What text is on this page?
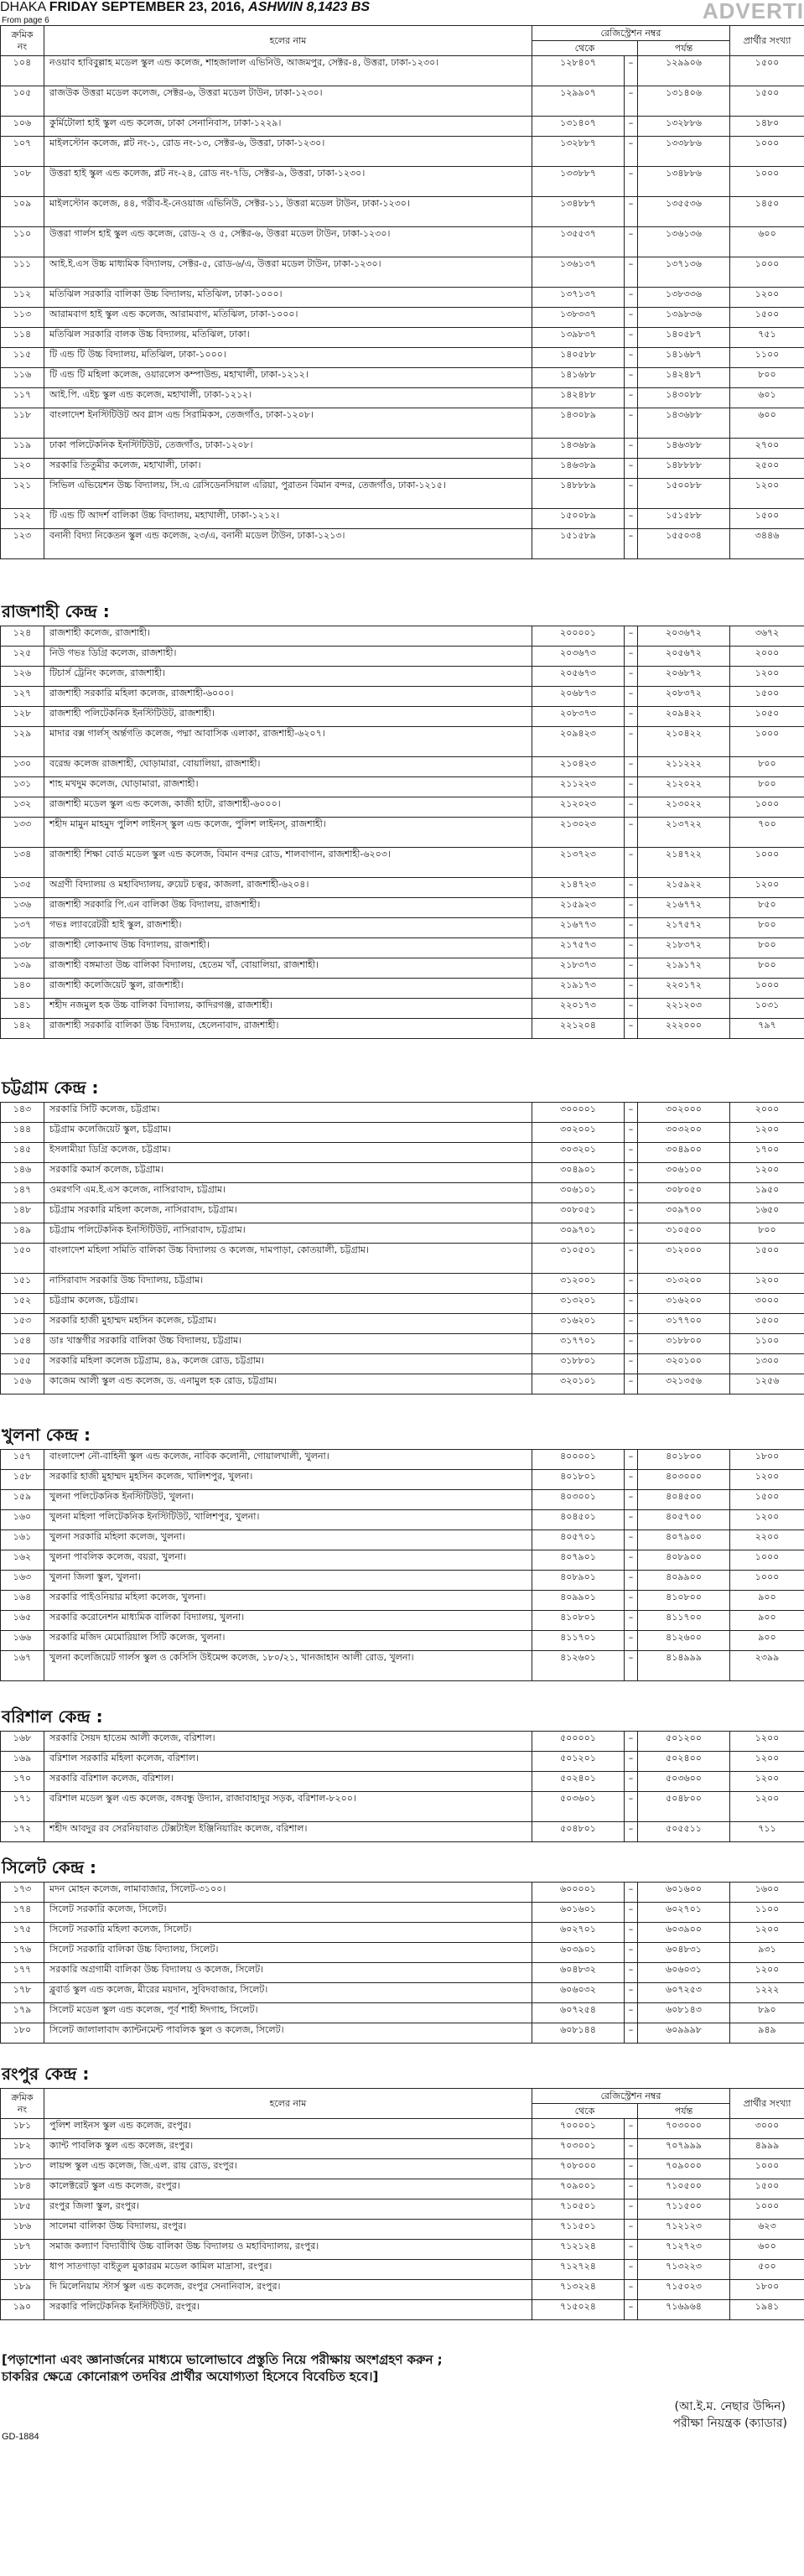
DHAKA FRIDAY SEPTEMBER 23, 2016, ASHWIN 8,1423 BS	ADVERTI
From page 6
ক্রমিক নং	হলের নাম	রেজিস্ট্রেশন নম্বর			প্রার্থীর সংখ্যা
		থেকে		পর্যন্ত	
১০৪	নওয়াব হাবিবুল্লাহ মডেল স্কুল এন্ড কলেজ, শাহজালাল এভিনিউ, আজমপুর, সেক্টর-৪, উত্তরা, ঢাকা-১২৩০।	১২৮৪০৭	–	১২৯৯০৬	১৫০০
১০৫	রাজউক উত্তরা মডেল কলেজ, সেক্টর-৬, উত্তরা মডেল টাউন, ঢাকা-১২৩০।	১২৯৯০৭	–	১৩১৪০৬	১৫০০
১০৬	কুর্মিটোলা হাই স্কুল এন্ড কলেজ, ঢাকা সেনানিবাস, ঢাকা-১২২৯।	১৩১৪০৭	–	১৩২৮৮৬	১৪৮০
১০৭	মাইলস্টোন কলেজ, প্লট নং-১, রোড নং-১৩, সেক্টর-৬, উত্তরা, ঢাকা-১২৩০।	১৩২৮৮৭	–	১৩৩৮৮৬	১০০০
১০৮	উত্তরা হাই স্কুল এন্ড কলেজ, প্লট নং-২৪, রোড নং-৭ডি, সেক্টর-৯, উত্তরা, ঢাকা-১২৩০।	১৩৩৮৮৭	–	১৩৪৮৮৬	১০০০
১০৯	মাইলস্টোন কলেজ, ৪৪, গরীব-ই-নেওয়াজ এভিনিউ, সেক্টর-১১, উত্তরা মডেল টাউন, ঢাকা-১২৩০।	১৩৪৮৮৭	–	১৩৫৫৩৬	১৪৫০
১১০	উত্তরা গার্লস হাই স্কুল এন্ড কলেজ, রোড-২ ও ৫, সেক্টর-৬, উত্তরা মডেল টাউন, ঢাকা-১২৩০।	১৩৫৫৩৭	–	১৩৬১৩৬	৬০০
১১১	আই.ই.এস উচ্চ মাধ্যমিক বিদ্যালয়, সেক্টর-৫, রোড-৬/এ, উত্তরা মডেল টাউন, ঢাকা-১২৩০।	১৩৬১৩৭	–	১৩৭১৩৬	১০০০
১১২	মতিঝিল সরকারি বালিকা উচ্চ বিদ্যালয়, মতিঝিল, ঢাকা-১০০০।	১৩৭১৩৭	–	১৩৮৩৩৬	১২০০
১১৩	আরামবাগ হাই স্কুল এন্ড কলেজ, আরামবাগ, মতিঝিল, ঢাকা-১০০০।	১৩৮৩৩৭	–	১৩৯৮৩৬	১৫০০
১১৪	মতিঝিল সরকারি বালক উচ্চ বিদ্যালয়, মতিঝিল, ঢাকা।	১৩৯৮৩৭	–	১৪০৫৮৭	৭৫১
১১৫	টি এন্ড টি উচ্চ বিদ্যালয়, মতিঝিল, ঢাকা-১০০০।	১৪০৫৮৮	–	১৪১৬৮৭	১১০০
১১৬	টি এন্ড টি মহিলা কলেজ, ওয়ারলেস কম্পাউন্ড, মহাখালী, ঢাকা-১২১২।	১৪১৬৮৮	–	১৪২৪৮৭	৮০০
১১৭	আই.পি. এইচ স্কুল এন্ড কলেজ, মহাখালী, ঢাকা-১২১২।	১৪২৪৮৮	–	১৪৩০৮৮	৬০১
১১৮	বাংলাদেশ ইনস্টিটিউট অব গ্লাস এন্ড সিরামিকস, তেজগাঁও, ঢাকা-১২০৮।	১৪৩০৮৯	–	১৪৩৬৮৮	৬০০
১১৯	ঢাকা পলিটেকনিক ইনস্টিটিউট, তেজগাঁও, ঢাকা-১২০৮।	১৪৩৬৮৯	–	১৪৬৩৮৮	২৭০০
১২০	সরকারি তিতুমীর কলেজ, মহাখালী, ঢাকা।	১৪৬৩৮৯	–	১৪৮৮৮৮	২৫০০
১২১	সিভিল এভিয়েশন উচ্চ বিদ্যালয়, সি.এ রেসিডেনসিয়াল এরিয়া, পুরাতন বিমান বন্দর, তেজগাঁও, ঢাকা-১২১৫।	১৪৮৮৮৯	–	১৫০০৮৮	১২০০
১২২	টি এন্ড টি আদর্শ বালিকা উচ্চ বিদ্যালয়, মহাখালী, ঢাকা-১২১২।	১৫০০৮৯	–	১৫১৫৮৮	১৫০০
১২৩	বনানী বিদ্যা নিকেতন স্কুল এন্ড কলেজ, ২৩/এ, বনানী মডেল টাউন, ঢাকা-১২১৩।	১৫১৫৮৯	–	১৫৫০৩৪	৩৪৪৬
রাজশাহী কেন্দ্র :
১২৪	রাজশাহী কলেজ, রাজশাহী।	২০০০০১	–	২০৩৬৭২	৩৬৭২
১২৫	নিউ গভঃ ডিগ্রি কলেজ, রাজশাহী।	২০৩৬৭৩	–	২০৫৬৭২	২০০০
১২৬	টিচার্স ট্রেনিং কলেজ, রাজশাহী।	২০৫৬৭৩	–	২০৬৮৭২	১২০০
১২৭	রাজশাহী সরকারি মহিলা কলেজ, রাজশাহী-৬০০০।	২০৬৮৭৩	–	২০৮৩৭২	১৫০০
১২৮	রাজশাহী পলিটেকনিক ইনস্টিটিউট, রাজশাহী।	২০৮৩৭৩	–	২০৯৪২২	১০৫০
১২৯	মাদার বক্স গার্লস্ অর্ন্তগতি কলেজ, পদ্মা আবাসিক এলাকা, রাজশাহী-৬২০৭।	২০৯৪২৩	–	২১০৪২২	১০০০
১৩০	বরেন্দ্র কলেজ রাজশাহী, ঘোড়ামারা, বোয়ালিয়া, রাজশাহী।	২১০৪২৩	–	২১১২২২	৮০০
১৩১	শাহ মখদুম কলেজ, ঘোড়ামারা, রাজশাহী।	২১১২২৩	–	২১২০২২	৮০০
১৩২	রাজশাহী মডেল স্কুল এন্ড কলেজ, কাজী হাটা, রাজশাহী-৬০০০।	২১২০২৩	–	২১৩০২২	১০০০
১৩৩	শহীদ মামুন মাহমুদ পুলিশ লাইনস্ স্কুল এন্ড কলেজ, পুলিশ লাইনস্, রাজশাহী।	২১৩০২৩	–	২১৩৭২২	৭০০
১৩৪	রাজশাহী শিক্ষা বোর্ড মডেল স্কুল এন্ড কলেজ, বিমান বন্দর রোড, শালবাগান, রাজশাহী-৬২০৩।	২১৩৭২৩	–	২১৪৭২২	১০০০
১৩৫	অগ্রণী বিদ্যালয় ও মহাবিদ্যালয়, রুয়েট চত্বর, কাজলা, রাজশাহী-৬২০৪।	২১৪৭২৩	–	২১৫৯২২	১২০০
১৩৬	রাজশাহী সরকারি পি.এন বালিকা উচ্চ বিদ্যালয়, রাজশাহী।	২১৫৯২৩	–	২১৬৭৭২	৮৫০
১৩৭	গভঃ ল্যাবরেটরী হাই স্কুল, রাজশাহী।	২১৬৭৭৩	–	২১৭৫৭২	৮০০
১৩৮	রাজশাহী লোকনাথ উচ্চ বিদ্যালয়, রাজশাহী।	২১৭৫৭৩	–	২১৮৩৭২	৮০০
১৩৯	রাজশাহী বঙ্গমাতা উচ্চ বালিকা বিদ্যালয়, হেতেম খাঁ, বোয়ালিয়া, রাজশাহী।	২১৮৩৭৩	–	২১৯১৭২	৮০০
১৪০	রাজশাহী কলেজিয়েট স্কুল, রাজশাহী।	২১৯১৭৩	–	২২০১৭২	১০০০
১৪১	শহীদ নজমুল হক উচ্চ বালিকা বিদ্যালয়, কাদিরগঞ্জ, রাজশাহী।	২২০১৭৩	–	২২১২০৩	১০৩১
১৪২	রাজশাহী সরকারি বালিকা উচ্চ বিদ্যালয়, হেলেনাবাদ, রাজশাহী।	২২১২০৪	–	২২২০০০	৭৯৭
চট্টগ্রাম কেন্দ্র :
১৪৩	সরকারি সিটি কলেজ, চট্টগ্রাম।	৩০০০০১	–	৩০২০০০	২০০০
১৪৪	চট্টগ্রাম কলেজিয়েট স্কুল, চট্টগ্রাম।	৩০২০০১	–	৩০৩২০০	১২০০
১৪৫	ইসলামীয়া ডিগ্রি কলেজ, চট্টগ্রাম।	৩০৩২০১	–	৩০৪৯০০	১৭০০
১৪৬	সরকারি কমার্স কলেজ, চট্টগ্রাম।	৩০৪৯০১	–	৩০৬১০০	১২০০
১৪৭	ওমরগণি এম.ই.এস কলেজ, নাসিরাবাদ, চট্টগ্রাম।	৩০৬১০১	–	৩০৮০৫০	১৯৫০
১৪৮	চট্টগ্রাম সরকারি মহিলা কলেজ, নাসিরাবাদ, চট্টগ্রাম।	৩০৮০৫১	–	৩০৯৭০০	১৬৫০
১৪৯	চট্টগ্রাম পলিটেকনিক ইনস্টিটিউট, নাসিরাবাদ, চট্টগ্রাম।	৩০৯৭০১	–	৩১০৫০০	৮০০
১৫০	বাংলাদেশ মহিলা সমিতি বালিকা উচ্চ বিদ্যালয় ও কলেজ, দামপাড়া, কোতয়ালী, চট্টগ্রাম।	৩১০৫০১	–	৩১২০০০	১৫০০
১৫১	নাসিরাবাদ সরকারি উচ্চ বিদ্যালয়, চট্টগ্রাম।	৩১২০০১	–	৩১৩২০০	১২০০
১৫২	চট্টগ্রাম কলেজ, চট্টগ্রাম।	৩১৩২০১	–	৩১৬২০০	৩০০০
১৫৩	সরকারি হাজী মুহাম্মদ মহসিন কলেজ, চট্টগ্রাম।	৩১৬২০১	–	৩১৭৭০০	১৫০০
১৫৪	ডাঃ খাস্তগীর সরকারি বালিকা উচ্চ বিদ্যালয়, চট্টগ্রাম।	৩১৭৭০১	–	৩১৮৮০০	১১০০
১৫৫	সরকারি মহিলা কলেজ চট্টগ্রাম, ৪৯, কলেজ রোড, চট্টগ্রাম।	৩১৮৮০১	–	৩২০১০০	১৩০০
১৫৬	কাজেম আলী স্কুল এন্ড কলেজ, ড. এনামুল হক রোড, চট্টগ্রাম।	৩২০১০১	–	৩২১৩৫৬	১২৫৬
খুলনা কেন্দ্র :
১৫৭	বাংলাদেশ নৌ-বাহিনী স্কুল এন্ড কলেজ, নাবিক কলোনী, গোয়ালখালী, খুলনা।	৪০০০০১	–	৪০১৮০০	১৮০০
১৫৮	সরকারি হাজী মুহাম্মদ মুহসিন কলেজ, খালিশপুর, খুলনা।	৪০১৮০১	–	৪০৩০০০	১২০০
১৫৯	খুলনা পলিটেকনিক ইনস্টিটিউট, খুলনা।	৪০৩০০১	–	৪০৪৫০০	১৫০০
১৬০	খুলনা মহিলা পলিটেকনিক ইনস্টিটিউট, খালিশপুর, খুলনা।	৪০৪৫০১	–	৪০৫৭০০	১২০০
১৬১	খুলনা সরকারি মহিলা কলেজ, খুলনা।	৪০৫৭০১	–	৪০৭৯০০	২২০০
১৬২	খুলনা পাবলিক কলেজ, বয়রা, খুলনা।	৪০৭৯০১	–	৪০৮৯০০	১০০০
১৬৩	খুলনা জিলা স্কুল, খুলনা।	৪০৮৯০১	–	৪০৯৯০০	১০০০
১৬৪	সরকারি পাইওনিয়ার মহিলা কলেজ, খুলনা।	৪০৯৯০১	–	৪১০৮০০	৯০০
১৬৫	সরকারি করোনেশন মাধ্যমিক বালিকা বিদ্যালয়, খুলনা।	৪১০৮০১	–	৪১১৭০০	৯০০
১৬৬	সরকারি মজিদ মেমোরিয়াল সিটি কলেজ, খুলনা।	৪১১৭০১	–	৪১২৬০০	৯০০
১৬৭	খুলনা কলেজিয়েট গার্লস স্কুল ও কেসিসি উইমেন্স কলেজ, ১৮০/২১, খানজাহান আলী রোড, খুলনা।	৪১২৬০১	–	৪১৪৯৯৯	২৩৯৯
বরিশাল কেন্দ্র :
১৬৮	সরকারি সৈয়দ হাতেম আলী কলেজ, বরিশাল।	৫০০০০১	–	৫০১২০০	১২০০
১৬৯	বরিশাল সরকারি মহিলা কলেজ, বরিশাল।	৫০১২০১	–	৫০২৪০০	১২০০
১৭০	সরকারি বরিশাল কলেজ, বরিশাল।	৫০২৪০১	–	৫০৩৬০০	১২০০
১৭১	বরিশাল মডেল স্কুল এন্ড কলেজ, বঙ্গবন্ধু উদ্যান, রাজাবাহাদুর সড়ক, বরিশাল-৮২০০।	৫০৩৬০১	–	৫০৪৮০০	১২০০
১৭২	শহীদ আবদুর রব সেরনিয়াবাত টেক্সটাইল ইঞ্জিনিয়ারিং কলেজ, বরিশাল।	৫০৪৮০১	–	৫০৫৫১১	৭১১
সিলেট কেন্দ্র :
১৭৩	মদন মোহন কলেজ, লামাবাজার, সিলেট-৩১০০।	৬০০০০১	–	৬০১৬০০	১৬০০
১৭৪	সিলেট সরকারি কলেজ, সিলেট।	৬০১৬০১	–	৬০২৭০১	১১০০
১৭৫	সিলেট সরকারি মহিলা কলেজ, সিলেট।	৬০২৭০১	–	৬০৩৯০০	১২০০
১৭৬	সিলেট সরকারি বালিকা উচ্চ বিদ্যালয়, সিলেট।	৬০৩৯০১	–	৬০৪৮৩১	৯৩১
১৭৭	সরকারি অগ্রগামী বালিকা উচ্চ বিদ্যালয় ও কলেজ, সিলেট।	৬০৪৮৩২	–	৬০৬০৩১	১২০০
১৭৮	ব্লুবার্ড স্কুল এন্ড কলেজ, মীরের ময়দান, সুবিদবাজার, সিলেট।	৬০৬০৩২	–	৬০৭২৫৩	১২২২
১৭৯	সিলেট মডেল স্কুল এন্ড কলেজ, পূর্ব শাহী ঈদগাহ, সিলেট।	৬০৭২৫৪	–	৬০৮১৪৩	৮৯০
১৮০	সিলেট জালালাবাদ ক্যান্টনমেন্ট পাবলিক স্কুল ও কলেজ, সিলেট।	৬০৮১৪৪	–	৬০৯৯৯৮	৯৪৯
রংপুর কেন্দ্র :
ক্রমিক নং	হলের নাম	রেজিস্ট্রেশন নম্বর			প্রার্থীর সংখ্যা
		থেকে		পর্যন্ত	
১৮১	পুলিশ লাইনস স্কুল এন্ড কলেজ, রংপুর।	৭০০০০১	–	৭০৩০০০	৩০০০
১৮২	ক্যান্ট পাবলিক স্কুল এন্ড কলেজ, রংপুর।	৭০৩০০১	–	৭০৭৯৯৯	৪৯৯৯
১৮৩	লায়ন্স স্কুল এন্ড কলেজ, জি.এল. রায় রোড, রংপুর।	৭০৮০০০	–	৭০৯০০০	১০০০
১৮৪	কালেক্টরেট স্কুল এন্ড কলেজ, রংপুর।	৭০৯০০১	–	৭১০৫০০	১৫০০
১৮৫	রংপুর জিলা স্কুল, রংপুর।	৭১০৫০১	–	৭১১৫০০	১০০০
১৮৬	সালেমা বালিকা উচ্চ বিদ্যালয়, রংপুর।	৭১১৫০১	–	৭১২১২৩	৬২৩
১৮৭	সমাজ কল্যাণ বিদ্যাবীথি উচ্চ বালিকা উচ্চ বিদ্যালয় ও মহাবিদ্যালয়, রংপুর।	৭১২১২৪	–	৭১২৭২৩	৬০০
১৮৮	ধাপ সাতগাড়া বাইতুল মুকাররম মডেল কামিল মাদ্রাসা, রংপুর।	৭১২৭২৪	–	৭১৩২২৩	৫০০
১৮৯	দি মিলেনিয়াম স্টার্স স্কুল এন্ড কলেজ, রংপুর সেনানিবাস, রংপুর।	৭১৩২২৪	–	৭১৫০২৩	১৮০০
১৯০	সরকারি পলিটেকনিক ইনস্টিটিউট, রংপুর।	৭১৫০২৪	–	৭১৬৯৬৪	১৯৪১
[পড়াশোনা এবং জ্ঞানার্জনের মাধ্যমে ভালোভাবে প্রস্তুতি নিয়ে পরীক্ষায় অংশগ্রহণ করুন ;
চাকরির ক্ষেত্রে কোনোরূপ তদবির প্রার্থীর অযোগ্যতা হিসেবে বিবেচিত হবে।]
(আ.ই.ম. নেছার উদ্দিন)
পরীক্ষা নিয়ন্ত্রক (ক্যাডার)
GD-1884
